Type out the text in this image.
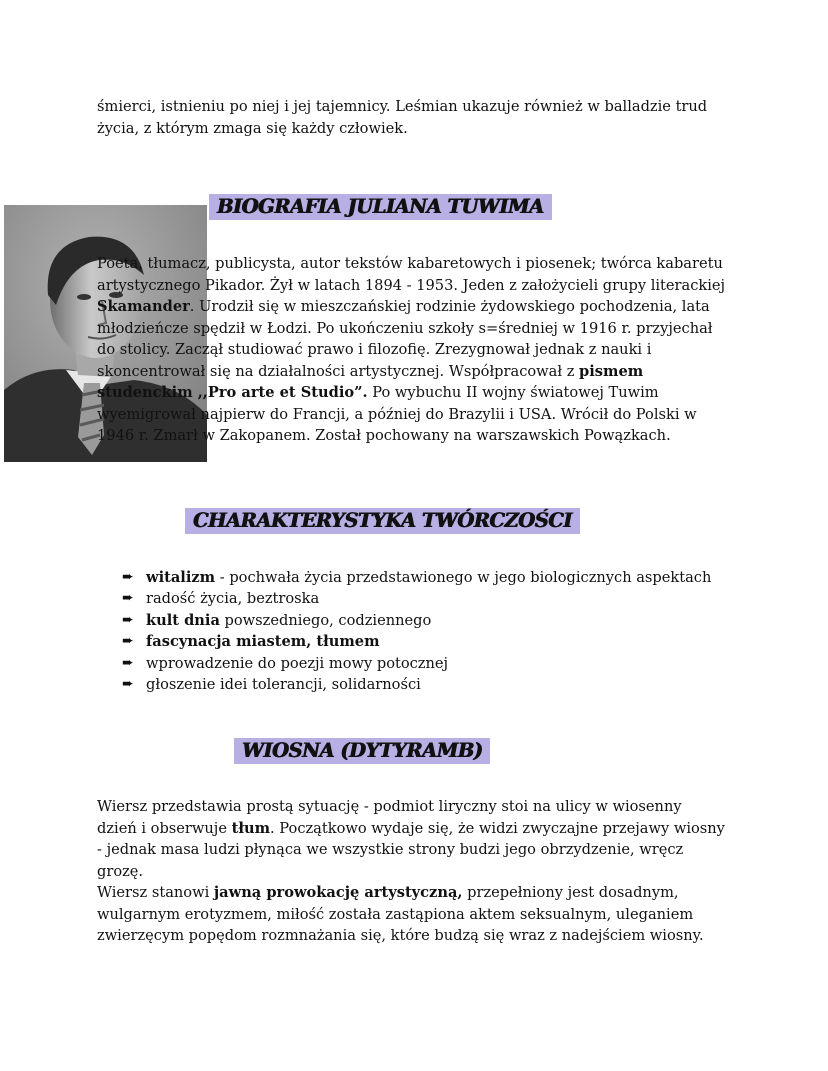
śmierci, istnieniu po niej i jej tajemnicy. Leśmian ukazuje również w balladzie trud
życia, z którym zmaga się każdy człowiek.

BIOGRAFIA JULIANA TUWIMA

Poeta, tłumacz, publicysta, autor tekstów kabaretowych i piosenek; twórca kabaretu artystycznego Pikador. Żył w latach 1894 - 1953. Jeden z założycieli grupy literackiej Skamander. Urodził się w mieszczańskiej rodzinie żydowskiego pochodzenia, lata młodzieńcze spędził w Łodzi. Po ukończeniu szkoły s=średniej w 1916 r. przyjechał do stolicy. Zaczął studiować prawo i filozofię. Zrezygnował jednak z nauki i skoncentrował się na działalności artystycznej. Współpracował z pismem studenckim ,,Pro arte et Studio”. Po wybuchu II wojny światowej Tuwim wyemigrował najpierw do Francji, a później do Brazylii i USA. Wrócił do Polski w 1946 r. Zmarł w Zakopanem. Został pochowany na warszawskich Powązkach.

CHARAKTERYSTYKA TWÓRCZOŚCI
➨ witalizm - pochwała życia przedstawionego w jego biologicznych aspektach
➨ radość życia, beztroska
➨ kult dnia powszedniego, codziennego
➨ fascynacja miastem, tłumem
➨ wprowadzenie do poezji mowy potocznej
➨ głoszenie idei tolerancji, solidarności
WIOSNA (DYTYRAMB)

Wiersz przedstawia prostą sytuację - podmiot liryczny stoi na ulicy w wiosenny dzień i obserwuje tłum. Początkowo wydaje się, że widzi zwyczajne przejawy wiosny - jednak masa ludzi płynąca we wszystkie strony budzi jego obrzydzenie, wręcz grozę.

Wiersz stanowi jawną prowokację artystyczną, przepełniony jest dosadnym, wulgarnym erotyzmem, miłość została zastąpiona aktem seksualnym, uleganiem zwierzęcym popędom rozmnażania się, które budzą się wraz z nadejściem wiosny.
